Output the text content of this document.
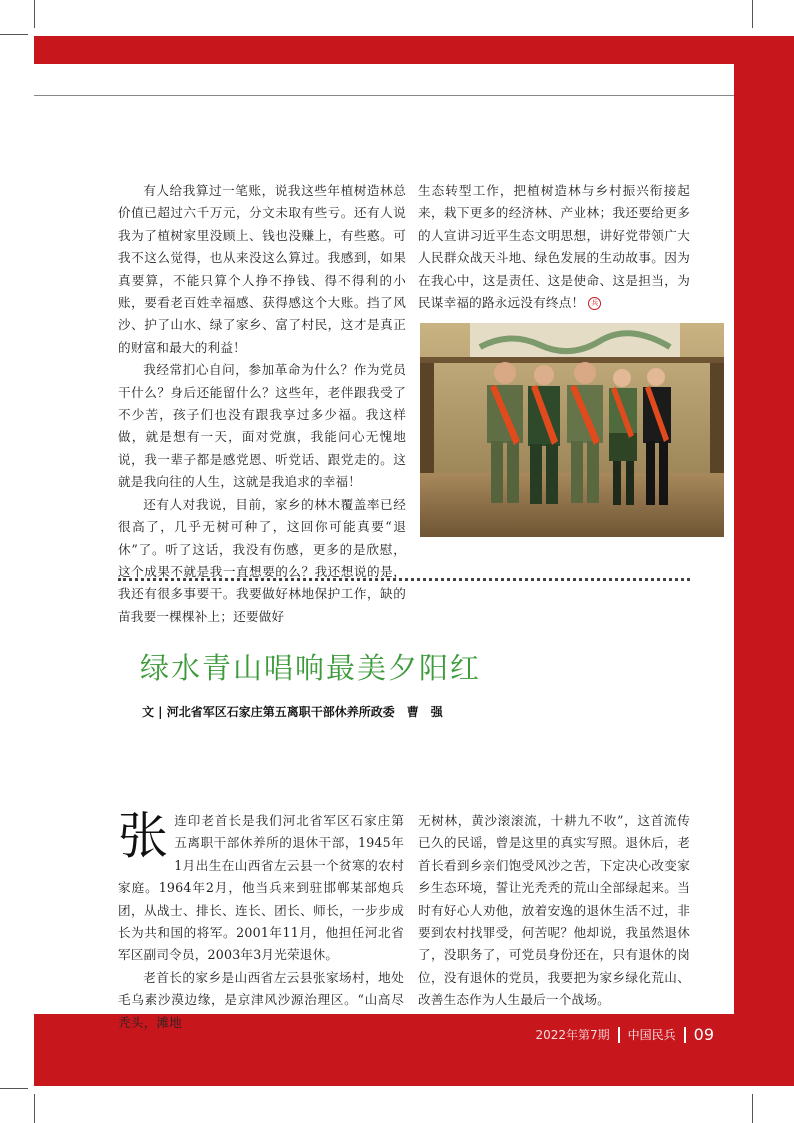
有人给我算过一笔账，说我这些年植树造林总价值已超过六千万元，分文未取有些亏。还有人说我为了植树家里没顾上、钱也没赚上，有些憨。可我不这么觉得，也从来没这么算过。我感到，如果真要算，不能只算个人挣不挣钱、得不得利的小账，要看老百姓幸福感、获得感这个大账。挡了风沙、护了山水、绿了家乡、富了村民，这才是真正的财富和最大的利益！

我经常扪心自问，参加革命为什么？作为党员干什么？身后还能留什么？这些年，老伴跟我受了不少苦，孩子们也没有跟我享过多少福。我这样做，就是想有一天，面对党旗，我能问心无愧地说，我一辈子都是感党恩、听党话、跟党走的。这就是我向往的人生，这就是我追求的幸福！

还有人对我说，目前，家乡的林木覆盖率已经很高了，几乎无树可种了，这回你可能真要“退休”了。听了这话，我没有伤感，更多的是欣慰，这个成果不就是我一直想要的么？我还想说的是，我还有很多事要干。我要做好林地保护工作，缺的苗我要一棵棵补上；还要做好

生态转型工作，把植树造林与乡村振兴衔接起来，栽下更多的经济林、产业林；我还要给更多的人宣讲习近平生态文明思想，讲好党带领广大人民群众战天斗地、绿色发展的生动故事。因为在我心中，这是责任、这是使命、这是担当，为民谋幸福的路永远没有终点！ 兵

绿水青山唱响最美夕阳红
文 | 河北省军区石家庄第五离职干部休养所政委　曹　强

张连印老首长是我们河北省军区石家庄第五离职干部休养所的退休干部，1945年1月出生在山西省左云县一个贫寒的农村家庭。1964年2月，他当兵来到驻邯郸某部炮兵团，从战士、排长、连长、团长、师长，一步步成长为共和国的将军。2001年11月，他担任河北省军区副司令员，2003年3月光荣退休。

老首长的家乡是山西省左云县张家场村，地处毛乌素沙漠边缘，是京津风沙源治理区。“山高尽秃头，滩地

无树林，黄沙滚滚流，十耕九不收”，这首流传已久的民谣，曾是这里的真实写照。退休后，老首长看到乡亲们饱受风沙之苦，下定决心改变家乡生态环境，誓让光秃秃的荒山全部绿起来。当时有好心人劝他，放着安逸的退休生活不过，非要到农村找罪受，何苦呢？他却说，我虽然退休了，没职务了，可党员身份还在，只有退休的岗位，没有退休的党员，我要把为家乡绿化荒山、改善生态作为人生最后一个战场。

2022年第7期 中国民兵 09
